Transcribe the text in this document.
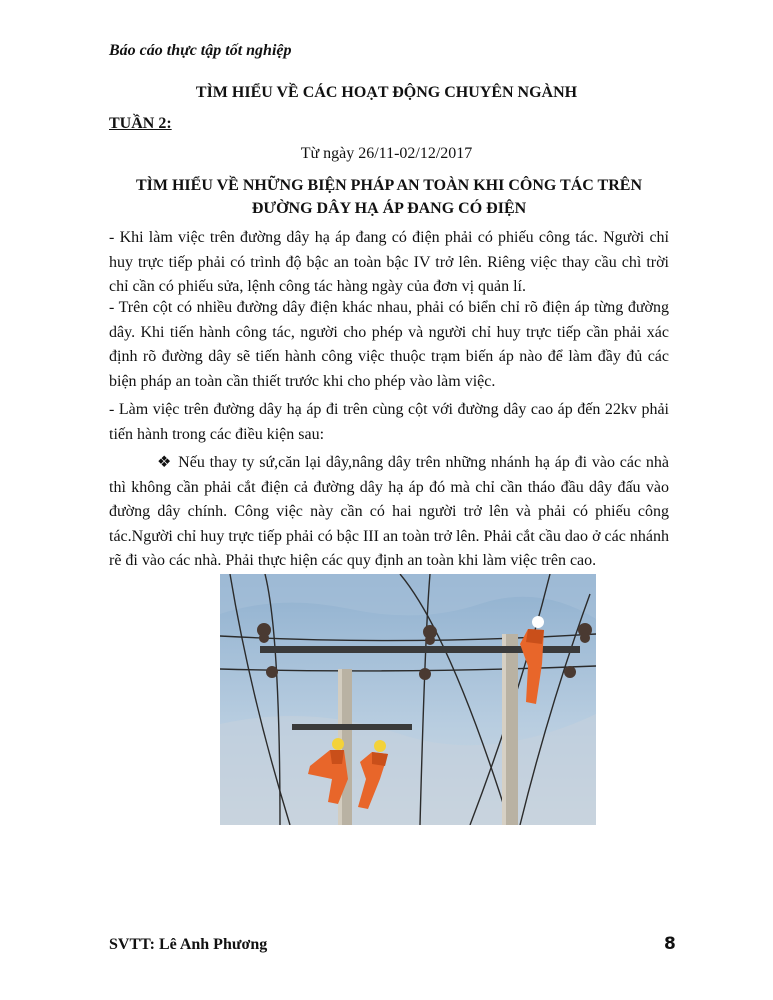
Báo cáo thực tập tốt nghiệp
TÌM HIỂU VỀ CÁC HOẠT ĐỘNG CHUYÊN NGÀNH
TUẦN 2:
Từ ngày 26/11-02/12/2017
TÌM HIỂU VỀ NHỮNG BIỆN PHÁP AN TOÀN KHI CÔNG TÁC TRÊN
ĐƯỜNG DÂY HẠ ÁP ĐANG CÓ ĐIỆN
- Khi làm việc trên đường dây hạ áp đang có điện phải có phiếu công tác. Người chỉ huy trực tiếp phải có trình độ bậc an toàn bậc IV trở lên. Riêng việc thay cầu chì trời chỉ cần có phiếu sửa, lệnh công tác hàng ngày của đơn vị quản lí.
- Trên cột có nhiều đường dây điện khác nhau, phải có biển chỉ rõ điện áp từng đường dây. Khi tiến hành công tác, người cho phép và người chỉ huy trực tiếp cần phải xác định rõ đường dây sẽ tiến hành công việc thuộc trạm biến áp nào để làm đầy đủ các biện pháp an toàn cần thiết trước khi cho phép vào làm việc.
- Làm việc trên đường dây hạ áp đi trên cùng cột với đường dây cao áp đến 22kv phải tiến hành trong các điều kiện sau:
❖ Nếu thay ty sứ,căn lại dây,nâng dây trên những nhánh hạ áp đi vào các nhà thì không cần phải cắt điện cả đường dây hạ áp đó mà chỉ cần tháo đầu dây đấu vào đường dây chính. Công việc này cần có hai người trở lên và phải có phiếu công tác.Người chỉ huy trực tiếp phải có bậc III an toàn trở lên. Phải cắt cầu dao ở các nhánh rẽ đi vào các nhà. Phải thực hiện các quy định an toàn khi làm việc trên cao.
SVTT: Lê Anh Phương	8
